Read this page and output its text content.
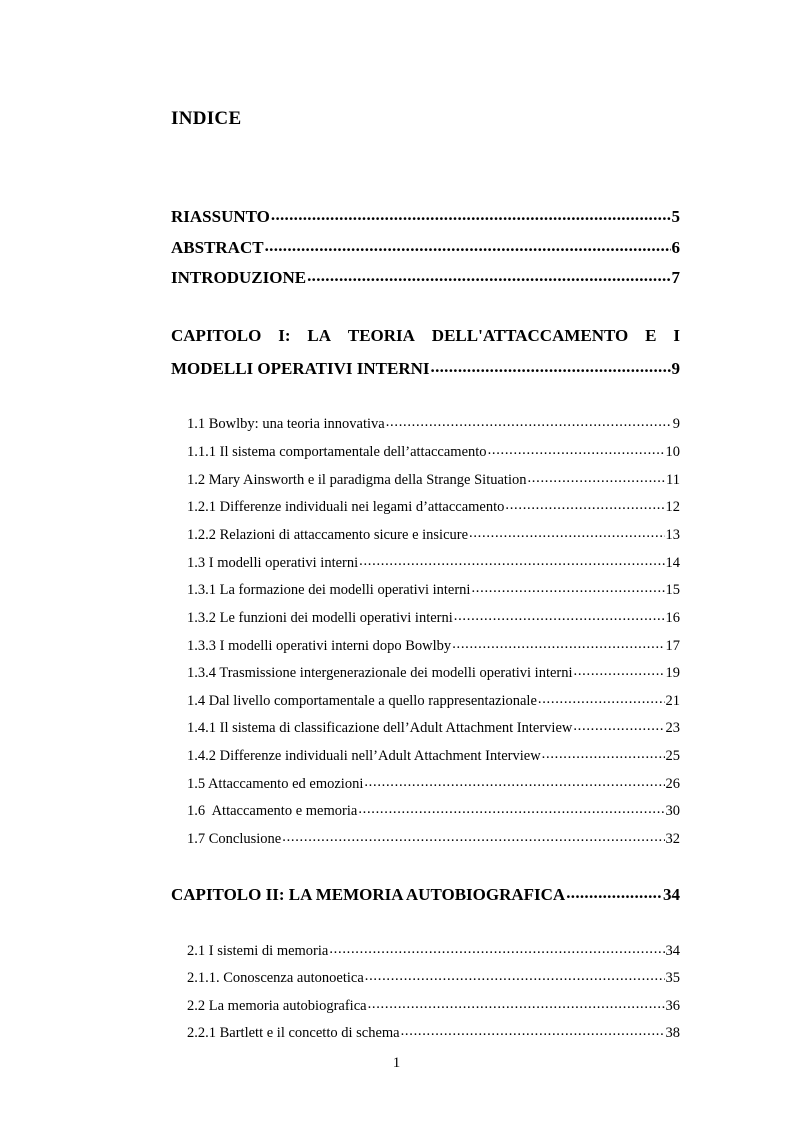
INDICE
RIASSUNTO .....	5
ABSTRACT .....	6
INTRODUZIONE .....	7
CAPITOLO I: LA TEORIA DELL'ATTACCAMENTO E I
MODELLI OPERATIVI INTERNI .....	9
1.1 Bowlby: una teoria innovativa .....	9
1.1.1 Il sistema comportamentale dell’attaccamento .....	10
1.2 Mary Ainsworth e il paradigma della Strange Situation .....	11
1.2.1 Differenze individuali nei legami d’attaccamento .....	12
1.2.2 Relazioni di attaccamento sicure e insicure .....	13
1.3 I modelli operativi interni .....	14
1.3.1 La formazione dei modelli operativi interni .....	15
1.3.2 Le funzioni dei modelli operativi interni .....	16
1.3.3 I modelli operativi interni dopo Bowlby .....	17
1.3.4 Trasmissione intergenerazionale dei modelli operativi interni .....	19
1.4 Dal livello comportamentale a quello rappresentazionale .....	21
1.4.1 Il sistema di classificazione dell’Adult Attachment Interview .....	23
1.4.2 Differenze individuali nell’Adult Attachment Interview .....	25
1.5 Attaccamento ed emozioni .....	26
1.6  Attaccamento e memoria .....	30
1.7 Conclusione .....	32
CAPITOLO II: LA MEMORIA AUTOBIOGRAFICA .....	34
2.1 I sistemi di memoria .....	34
2.1.1. Conoscenza autonoetica .....	35
2.2 La memoria autobiografica .....	36
2.2.1 Bartlett e il concetto di schema .....	38
1
